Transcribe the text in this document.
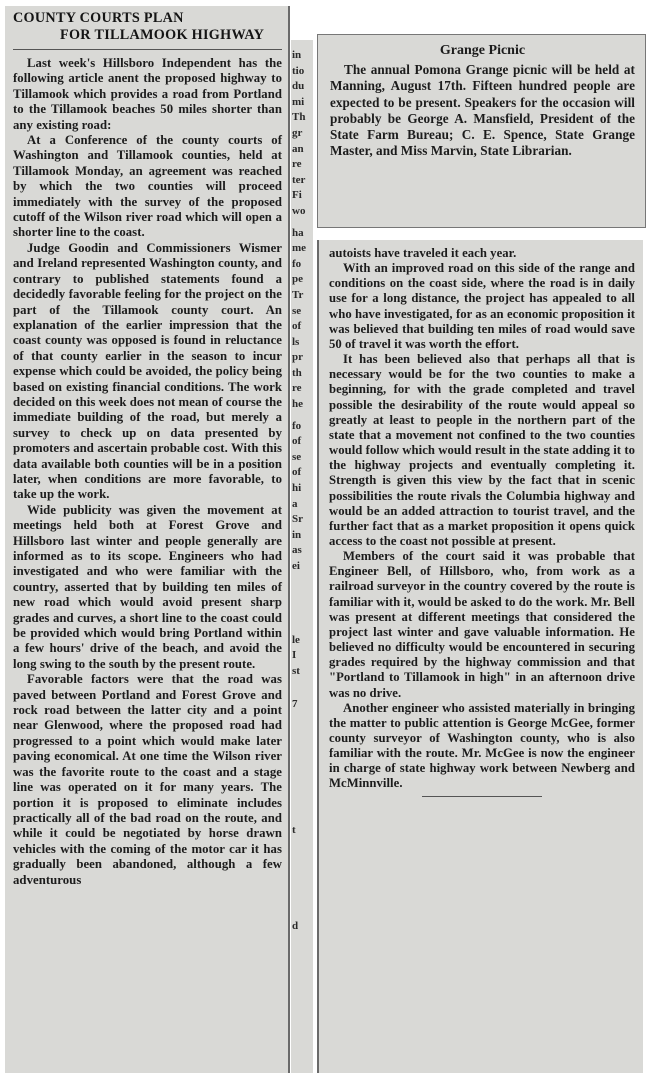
COUNTY COURTS PLAN
FOR TILLAMOOK HIGHWAY

Last week's Hillsboro Independent has the following article anent the proposed highway to Tillamook which provides a road from Portland to the Tillamook beaches 50 miles shorter than any existing road:

At a Conference of the county courts of Washington and Tillamook counties, held at Tillamook Monday, an agreement was reached by which the two counties will proceed immediately with the survey of the proposed cutoff of the Wilson river road which will open a shorter line to the coast.

Judge Goodin and Commissioners Wismer and Ireland represented Washington county, and contrary to published statements found a decidedly favorable feeling for the project on the part of the Tillamook county court. An explanation of the earlier impression that the coast county was opposed is found in reluctance of that county earlier in the season to incur expense which could be avoided, the policy being based on existing financial conditions. The work decided on this week does not mean of course the immediate building of the road, but merely a survey to check up on data presented by promoters and ascertain probable cost. With this data available both counties will be in a position later, when conditions are more favorable, to take up the work.

Wide publicity was given the movement at meetings held both at Forest Grove and Hillsboro last winter and people generally are informed as to its scope. Engineers who had investigated and who were familiar with the country, asserted that by building ten miles of new road which would avoid present sharp grades and curves, a short line to the coast could be provided which would bring Portland within a few hours' drive of the beach, and avoid the long swing to the south by the present route.

Favorable factors were that the road was paved between Portland and Forest Grove and rock road between the latter city and a point near Glenwood, where the proposed road had progressed to a point which would make later paving economical. At one time the Wilson river was the favorite route to the coast and a stage line was operated on it for many years. The portion it is proposed to eliminate includes practically all of the bad road on the route, and while it could be negotiated by horse drawn vehicles with the coming of the motor car it has gradually been abandoned, although a few adventurous

in
tio
du
mi
Th
gr
an
re
ter
Fi
wo
ha
me
fo
pe
Tr
se
of
ls
pr
th
re
he
fo
of
se
of
hi
a
Sr
in
as
ei
le
I
st
7
t
d
Grange Picnic

The annual Pomona Grange picnic will be held at Manning, August 17th. Fifteen hundred people are expected to be present. Speakers for the occasion will probably be George A. Mansfield, President of the State Farm Bureau; C. E. Spence, State Grange Master, and Miss Marvin, State Librarian.

autoists have traveled it each year.

With an improved road on this side of the range and conditions on the coast side, where the road is in daily use for a long distance, the project has appealed to all who have investigated, for as an economic proposition it was believed that building ten miles of road would save 50 of travel it was worth the effort.

It has been believed also that perhaps all that is necessary would be for the two counties to make a beginning, for with the grade completed and travel possible the desirability of the route would appeal so greatly at least to people in the northern part of the state that a movement not confined to the two counties would follow which would result in the state adding it to the highway projects and eventually completing it. Strength is given this view by the fact that in scenic possibilities the route rivals the Columbia highway and would be an added attraction to tourist travel, and the further fact that as a market proposition it opens quick access to the coast not possible at present.

Members of the court said it was probable that Engineer Bell, of Hillsboro, who, from work as a railroad surveyor in the country covered by the route is familiar with it, would be asked to do the work. Mr. Bell was present at different meetings that considered the project last winter and gave valuable information. He believed no difficulty would be encountered in securing grades required by the highway commission and that "Portland to Tillamook in high" in an afternoon drive was no drive.

Another engineer who assisted materially in bringing the matter to public attention is George McGee, former county surveyor of Washington county, who is also familiar with the route. Mr. McGee is now the engineer in charge of state highway work between Newberg and McMinnville.
